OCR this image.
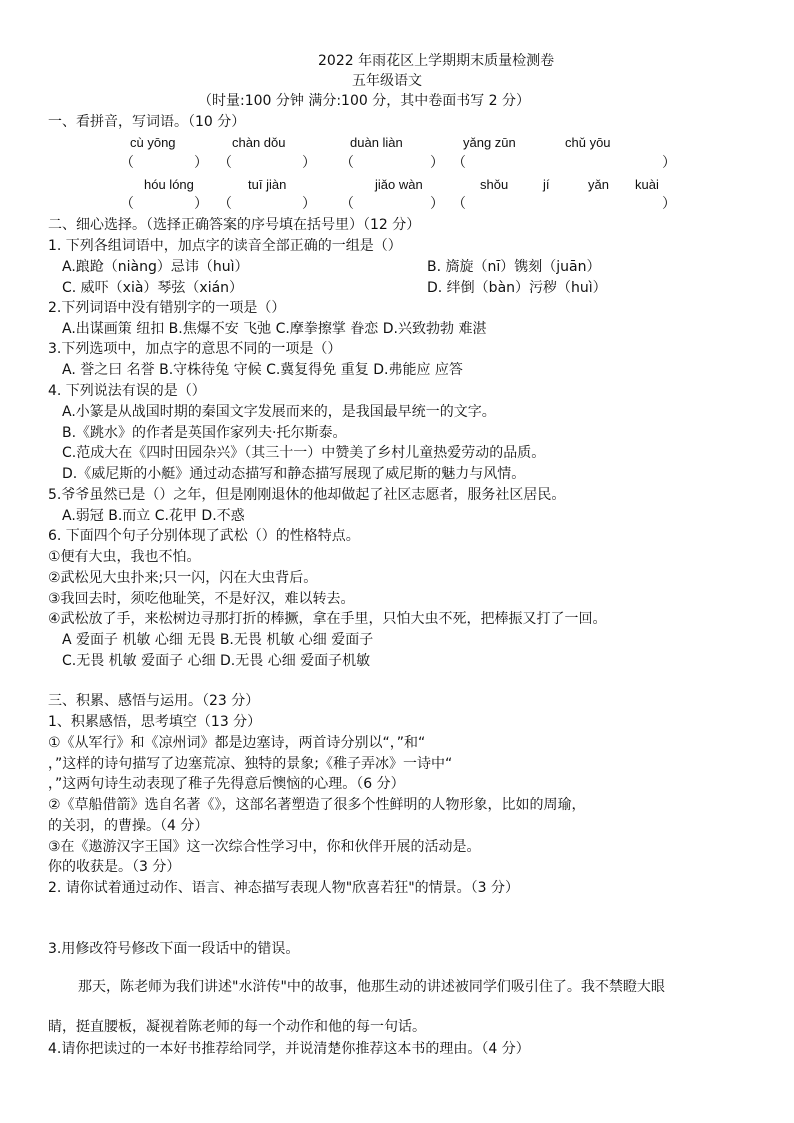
2022 年雨花区上学期期末质量检测卷
五年级语文
（时量:100 分钟 满分:100 分，其中卷面书写 2 分）
一、看拼音，写词语。（10 分）
cù yōng	chàn dǒu	duàn liàn	yǎng zūn	chǔ yōu
（	） （	） （	） （	）
hóu lóng	tuī jiàn	jiǎo wàn	shǒu	jí	yǎn kuài
（	） （	） （	） （	）
二、细心选择。（选择正确答案的序号填在括号里）（12 分）
1. 下列各组词语中，加点字的读音全部正确的一组是（）
A.踉跄（niàng）忌讳（huì）	B. 旖旋（nī）镌刻（juān）
C. 威吓（xià）琴弦（xián）	D. 绊倒（bàn）污秽（huì）
2.下列词语中没有错别字的一项是（）
A.出谋画策 纽扣 B.焦爆不安 飞弛 C.摩拳擦掌 眷恋 D.兴致勃勃 难湛
3.下列选项中，加点字的意思不同的一项是（）
A. 誉之曰 名誉 B.守株待兔 守候 C.冀复得免 重复 D.弗能应 应答
4. 下列说法有误的是（）
A.小篆是从战国时期的秦国文字发展而来的，是我国最早统一的文字。
B.《跳水》的作者是英国作家列夫·托尔斯泰。
C.范成大在《四时田园杂兴》（其三十一）中赞美了乡村儿童热爱劳动的品质。
D.《威尼斯的小艇》通过动态描写和静态描写展现了威尼斯的魅力与风情。
5.爷爷虽然已是（）之年，但是刚刚退休的他却做起了社区志愿者，服务社区居民。
A.弱冠 B.而立 C.花甲 D.不惑
6. 下面四个句子分别体现了武松（）的性格特点。
①便有大虫，我也不怕。
②武松见大虫扑来;只一闪，闪在大虫背后。
③我回去时，须吃他耻笑，不是好汉，难以转去。
④武松放了手，来松树边寻那打折的棒撅，拿在手里，只怕大虫不死，把棒振又打了一回。
A 爱面子 机敏 心细 无畏 B.无畏 机敏 心细 爱面子
C.无畏 机敏 爱面子 心细 D.无畏 心细 爱面子机敏
三、积累、感悟与运用。（23 分）
1、积累感悟，思考填空（13 分）
①《从军行》和《凉州词》都是边塞诗，两首诗分别以“，”和“
，”这样的诗句描写了边塞荒凉、独特的景象;《稚子弄冰》一诗中“
，”这两句诗生动表现了稚子先得意后懊恼的心理。（6 分）
②《草船借箭》选自名著《》，这部名著塑造了很多个性鲜明的人物形象，比如的周瑜，
的关羽，的曹操。（4 分）
③在《遨游汉字王国》这一次综合性学习中，你和伙伴开展的活动是。
你的收获是。（3 分）
2. 请你试着通过动作、语言、神态描写表现人物"欣喜若狂"的情景。（3 分）
3.用修改符号修改下面一段话中的错误。
那天，陈老师为我们讲述"水浒传"中的故事，他那生动的讲述被同学们吸引住了。我不禁瞪大眼
睛，挺直腰板，凝视着陈老师的每一个动作和他的每一句话。
4.请你把读过的一本好书推荐给同学，并说清楚你推荐这本书的理由。（4 分）
